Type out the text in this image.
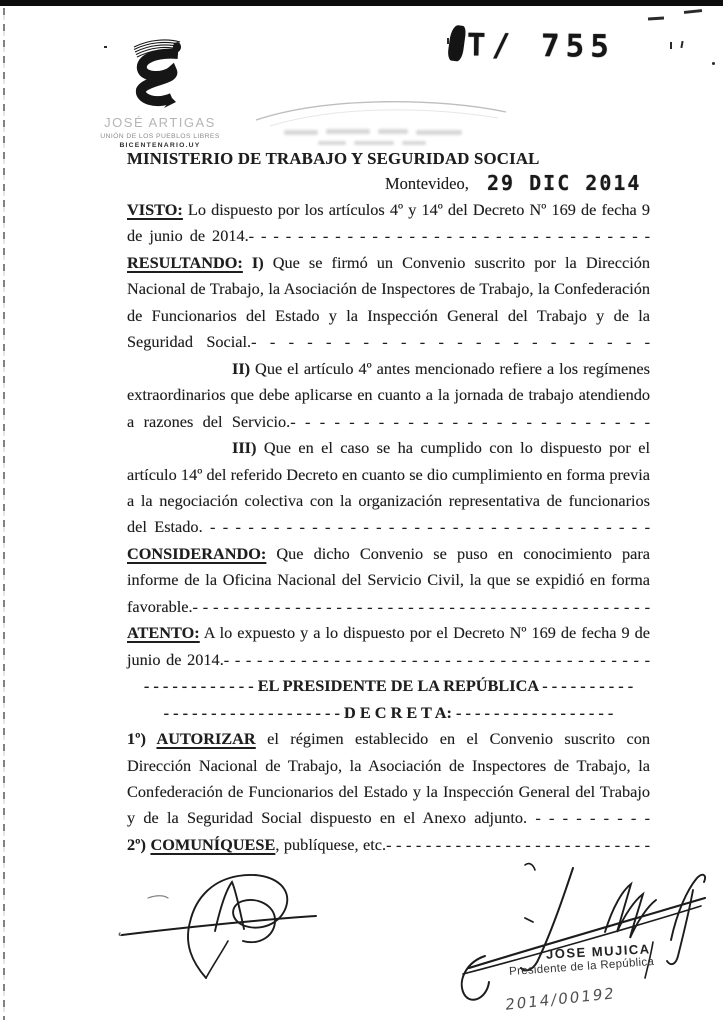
JOSÉ ARTIGAS
UNIÓN DE LOS PUEBLOS LIBRES
BICENTENARIO.UY
T/ 755
MINISTERIO DE TRABAJO Y SEGURIDAD SOCIAL
Montevideo, 29 DIC 2014

VISTO: Lo dispuesto por los artículos 4º y 14º del Decreto Nº 169 de fecha 9 de junio de 2014.- - - - - - - - - - - - - - - - - - - - - - - - - - - - - - - - -

RESULTANDO: I) Que se firmó un Convenio suscrito por la Dirección Nacional de Trabajo, la Asociación de Inspectores de Trabajo, la Confederación de Funcionarios del Estado y la Inspección General del Trabajo y de la Seguridad Social.- - - - - - - - - - - - - - - - - - - - - -

II) Que el artículo 4º antes mencionado refiere a los regímenes extraordinarios que debe aplicarse en cuanto a la jornada de trabajo atendiendo a razones del Servicio.- - - - - - - - - - - - - - - - - - - - - - - - -

III) Que en el caso se ha cumplido con lo dispuesto por el artículo 14º del referido Decreto en cuanto se dio cumplimiento en forma previa a la negociación colectiva con la organización representativa de funcionarios del Estado. - - - - - - - - - - - - - - - - - - - - - - - - - - - - - - - - - - -

CONSIDERANDO: Que dicho Convenio se puso en conocimiento para informe de la Oficina Nacional del Servicio Civil, la que se expidió en forma favorable.- - - - - - - - - - - - - - - - - - - - - - - - - - - - - - - - - - - - - - - - - - - - -

ATENTO: A lo expuesto y a lo dispuesto por el Decreto Nº 169 de fecha 9 de junio de 2014.- - - - - - - - - - - - - - - - - - - - - - - - - - - - - - - - - - - - - - -

- - - - - - - - - - - - EL PRESIDENTE DE LA REPÚBLICA - - - - - - - - - -

- - - - - - - - - - - - - - - - - - - D E C R E T A: - - - - - - - - - - - - - - - - -

1º) AUTORIZAR el régimen establecido en el Convenio suscrito con Dirección Nacional de Trabajo, la Asociación de Inspectores de Trabajo, la Confederación de Funcionarios del Estado y la Inspección General del Trabajo y de la Seguridad Social dispuesto en el Anexo adjunto. - - - - - - - - -

2º) COMUNÍQUESE, publíquese, etc.- - - - - - - - - - - - - - - - - - - - - - - - - - -

JOSE MUJICA
Presidente de la República
2014/00192
